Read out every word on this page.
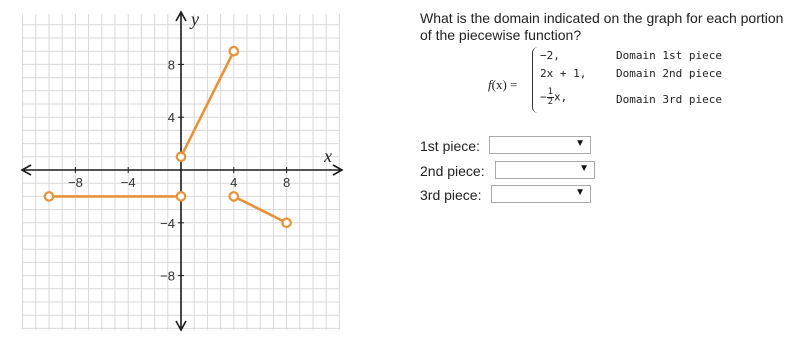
−8	−4	4	8
8
4
−4
−8
x
y	What is the domain indicated on the graph for each portion of the piecewise function?
f(x) =
−2,	Domain 1st piece
2x + 1,	Domain 2nd piece
− $\frac{1}{2} x$,	Domain 3rd piece
1st piece:	▼
2nd piece:	▼
3rd piece:	▼
